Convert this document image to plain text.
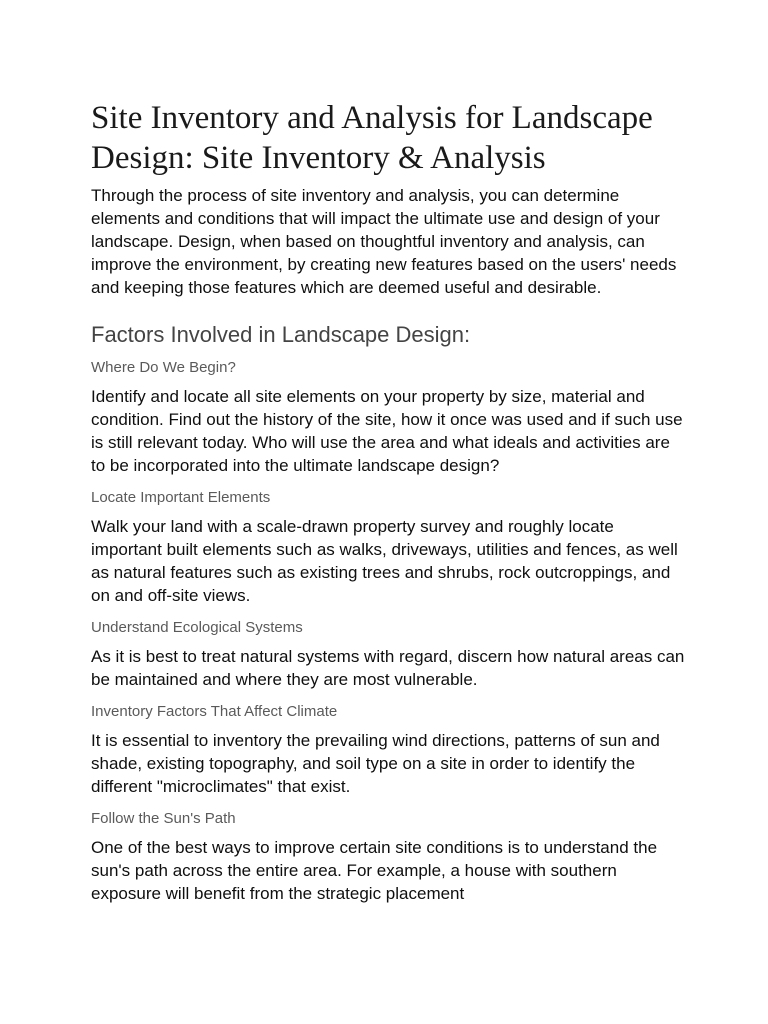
Site Inventory and Analysis for Landscape Design: Site Inventory & Analysis

Through the process of site inventory and analysis, you can determine elements and conditions that will impact the ultimate use and design of your landscape. Design, when based on thoughtful inventory and analysis, can improve the environment, by creating new features based on the users' needs and keeping those features which are deemed useful and desirable.

Factors Involved in Landscape Design:
Where Do We Begin?

Identify and locate all site elements on your property by size, material and condition. Find out the history of the site, how it once was used and if such use is still relevant today. Who will use the area and what ideals and activities are to be incorporated into the ultimate landscape design?

Locate Important Elements

Walk your land with a scale-drawn property survey and roughly locate important built elements such as walks, driveways, utilities and fences, as well as natural features such as existing trees and shrubs, rock outcroppings, and on and off-site views.

Understand Ecological Systems

As it is best to treat natural systems with regard, discern how natural areas can be maintained and where they are most vulnerable.

Inventory Factors That Affect Climate

It is essential to inventory the prevailing wind directions, patterns of sun and shade, existing topography, and soil type on a site in order to identify the different "microclimates" that exist.

Follow the Sun's Path

One of the best ways to improve certain site conditions is to understand the sun's path across the entire area. For example, a house with southern exposure will benefit from the strategic placement
